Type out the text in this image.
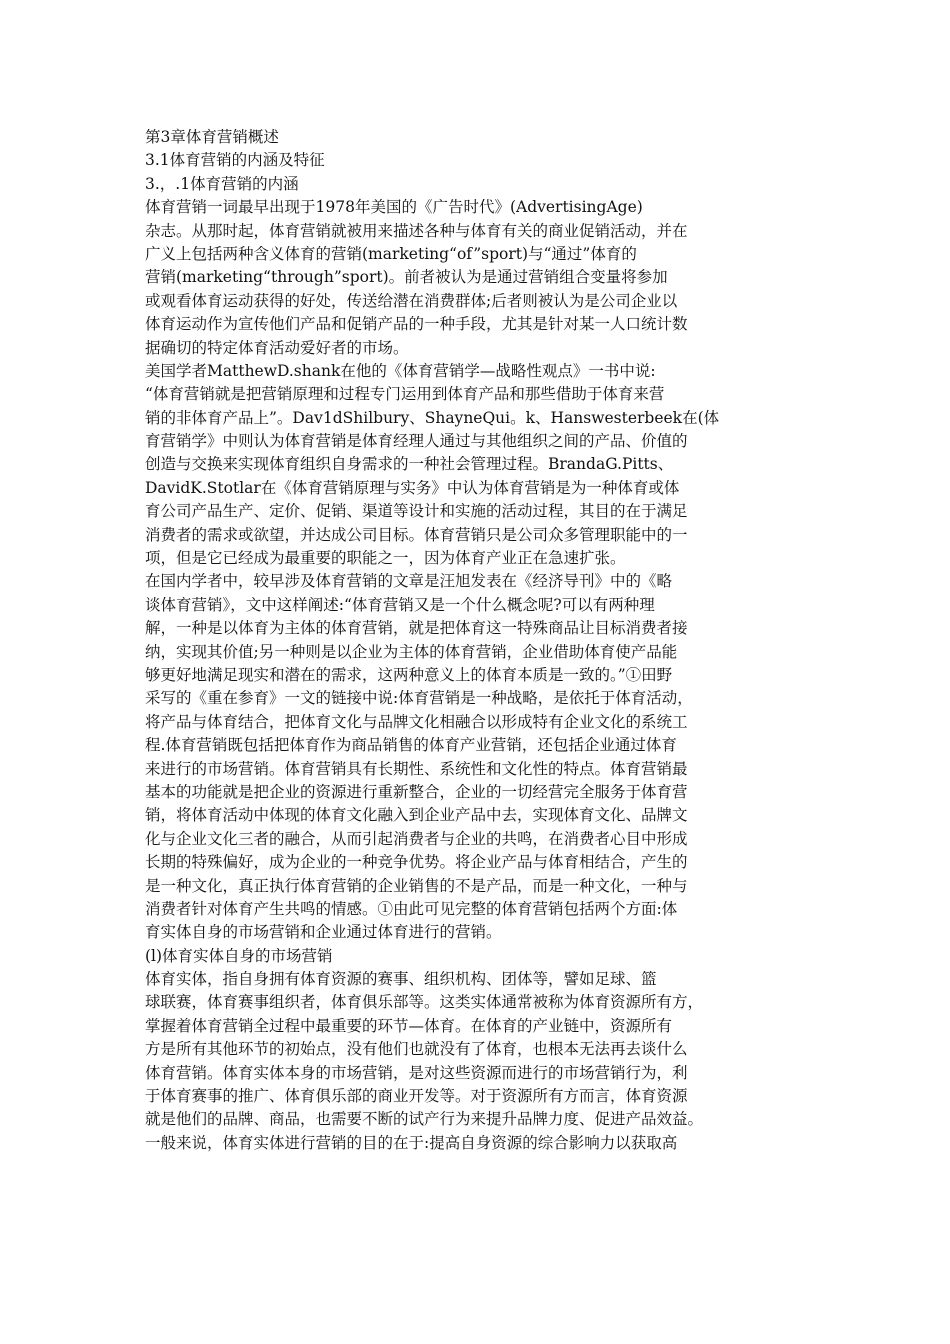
第3章体育营销概述
3.1体育营销的内涵及特征
3.，.1体育营销的内涵
体育营销一词最早出现于1978年美国的《广告时代》(AdvertisingAge)
杂志。从那时起，体育营销就被用来描述各种与体育有关的商业促销活动，并在
广义上包括两种含义体育的营销(marketing“of”sport)与“通过”体育的
营销(marketing“through”sport)。前者被认为是通过营销组合变量将参加
或观看体育运动获得的好处，传送给潜在消费群体;后者则被认为是公司企业以
体育运动作为宣传他们产品和促销产品的一种手段，尤其是针对某一人口统计数
据确切的特定体育活动爱好者的市场。
美国学者MatthewD.shank在他的《体育营销学—战略性观点》一书中说:
“体育营销就是把营销原理和过程专门运用到体育产品和那些借助于体育来营
销的非体育产品上”。Dav1dShilbury、ShayneQui。k、Hanswesterbeek在(体
育营销学》中则认为体育营销是体育经理人通过与其他组织之间的产品、价值的
创造与交换来实现体育组织自身需求的一种社会管理过程。BrandaG.Pitts、
DavidK.Stotlar在《体育营销原理与实务》中认为体育营销是为一种体育或体
育公司产品生产、定价、促销、渠道等设计和实施的活动过程，其目的在于满足
消费者的需求或欲望，并达成公司目标。体育营销只是公司众多管理职能中的一
项，但是它已经成为最重要的职能之一，因为体育产业正在急速扩张。
在国内学者中，较早涉及体育营销的文章是汪旭发表在《经济导刊》中的《略
谈体育营销》，文中这样阐述:“体育营销又是一个什么概念呢?可以有两种理
解，一种是以体育为主体的体育营销，就是把体育这一特殊商品让目标消费者接
纳，实现其价值;另一种则是以企业为主体的体育营销，企业借助体育使产品能
够更好地满足现实和潜在的需求，这两种意义上的体育本质是一致的。”①田野
采写的《重在参育》一文的链接中说:体育营销是一种战略，是依托于体育活动，
将产品与体育结合，把体育文化与品牌文化相融合以形成特有企业文化的系统工
程.体育营销既包括把体育作为商品销售的体育产业营销，还包括企业通过体育
来进行的市场营销。体育营销具有长期性、系统性和文化性的特点。体育营销最
基本的功能就是把企业的资源进行重新整合，企业的一切经营完全服务于体育营
销，将体育活动中体现的体育文化融入到企业产品中去，实现体育文化、品牌文
化与企业文化三者的融合，从而引起消费者与企业的共鸣，在消费者心目中形成
长期的特殊偏好，成为企业的一种竞争优势。将企业产品与体育相结合，产生的
是一种文化，真正执行体育营销的企业销售的不是产品，而是一种文化，一种与
消费者针对体育产生共鸣的情感。①由此可见完整的体育营销包括两个方面:体
育实体自身的市场营销和企业通过体育进行的营销。
(l)体育实体自身的市场营销
体育实体，指自身拥有体育资源的赛事、组织机构、团体等，譬如足球、篮
球联赛，体育赛事组织者，体育俱乐部等。这类实体通常被称为体育资源所有方，
掌握着体育营销全过程中最重要的环节—体育。在体育的产业链中，资源所有
方是所有其他环节的初始点，没有他们也就没有了体育，也根本无法再去谈什么
体育营销。体育实体本身的市场营销，是对这些资源而进行的市场营销行为，利
于体育赛事的推广、体育俱乐部的商业开发等。对于资源所有方而言，体育资源
就是他们的品牌、商品，也需要不断的试产行为来提升品牌力度、促进产品效益。
一般来说，体育实体进行营销的目的在于:提高自身资源的综合影响力以获取高
